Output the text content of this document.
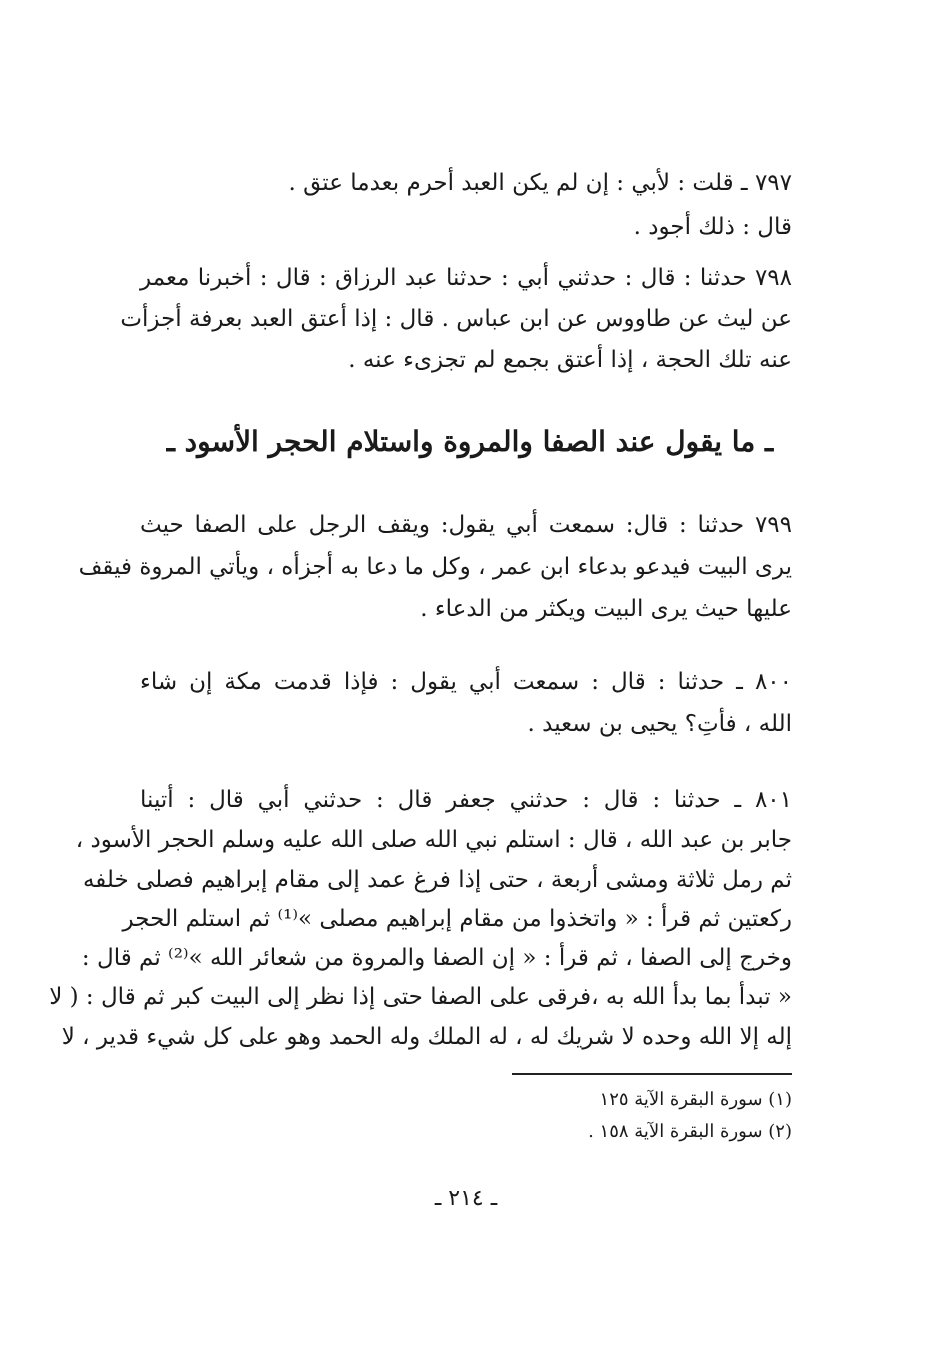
٧٩٧ ـ قلت : لأبي : إن لم يكن العبد أحرم بعدما عتق .
قال : ذلك أجود .
٧٩٨ حدثنا : قال : حدثني أبي : حدثنا عبد الرزاق : قال : أخبرنا معمر
عن ليث عن طاووس عن ابن عباس . قال : إذا أعتق العبد بعرفة أجزأت
عنه تلك الحجة ، إذا أعتق بجمع لم تجزىء عنه .
ـ ما يقول عند الصفا والمروة واستلام الحجر الأسود ـ
٧٩٩ حدثنا : قال: سمعت أبي يقول: ويقف الرجل على الصفا حيث
يرى البيت فيدعو بدعاء ابن عمر ، وكل ما دعا به أجزأه ، ويأتي المروة فيقف
عليها حيث يرى البيت ويكثر من الدعاء .
٨٠٠ ـ حدثنا : قال : سمعت أبي يقول : فإذا قدمت مكة إن شاء
الله ، فأتِ؟ يحيى بن سعيد .
٨٠١ ـ حدثنا : قال : حدثني جعفر قال : حدثني أبي قال : أتينا
جابر بن عبد الله ، قال : استلم نبي الله صلى الله عليه وسلم الحجر الأسود ،
ثم رمل ثلاثة ومشى أربعة ، حتى إذا فرغ عمد إلى مقام إبراهيم فصلى خلفه
ركعتين ثم قرأ : « واتخذوا من مقام إبراهيم مصلى »⁽¹⁾ ثم استلم الحجر
وخرج إلى الصفا ، ثم قرأ : « إن الصفا والمروة من شعائر الله »⁽²⁾ ثم قال :
« تبدأ بما بدأ الله به ،فرقى على الصفا حتى إذا نظر إلى البيت كبر ثم قال : ( لا
إله إلا الله وحده لا شريك له ، له الملك وله الحمد وهو على كل شيء قدير ، لا
(١) سورة البقرة الآية ١٢٥
(٢) سورة البقرة الآية ١٥٨ .
ـ ٢١٤ ـ
